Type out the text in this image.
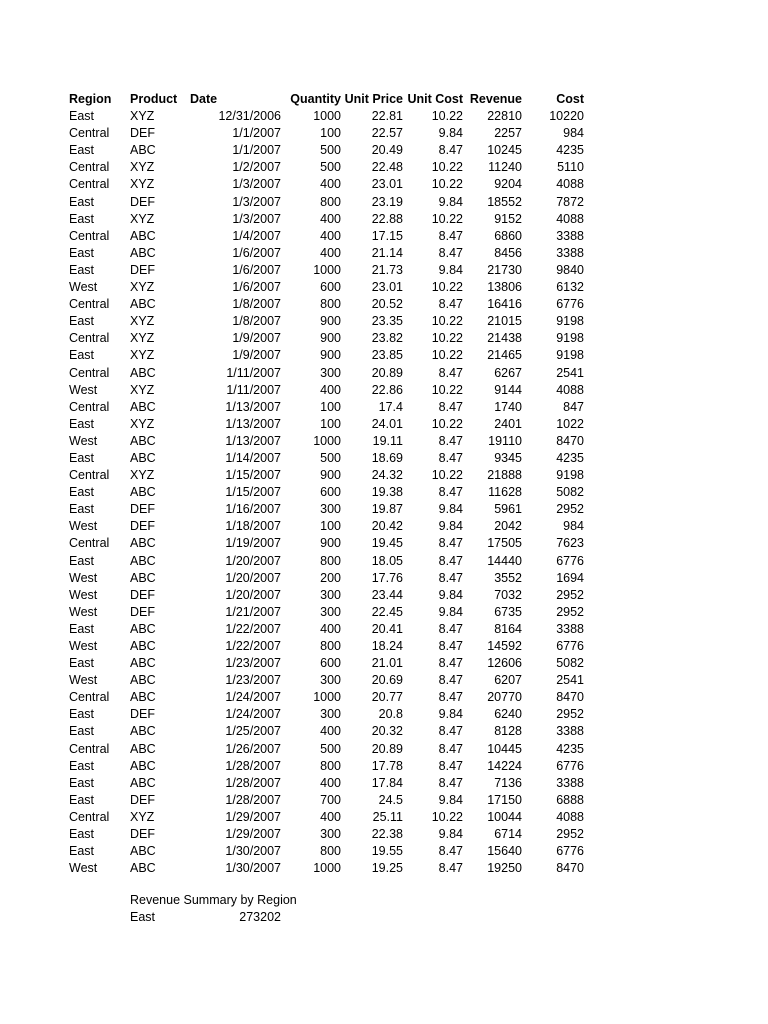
Region Product Date	Quantity Unit Price Unit Cost Revenue	Cost
East	XYZ	12/31/2006	1000 22.81 10.22 22810 10220
Central DEF	1/1/2007	100 22.57	9.84 2257	984
East	ABC	1/1/2007	500 20.49	8.47 10245	4235
Central XYZ	1/2/2007	500 22.48 10.22 11240	5110
Central XYZ	1/3/2007	400 23.01 10.22 9204	4088
East	DEF	1/3/2007	800 23.19	9.84 18552	7872
East	XYZ	1/3/2007	400 22.88 10.22 9152	4088
Central ABC	1/4/2007	400 17.15	8.47 6860	3388
East	ABC	1/6/2007	400 21.14	8.47 8456	3388
East	DEF	1/6/2007	1000 21.73	9.84 21730	9840
West	XYZ	1/6/2007	600 23.01 10.22 13806	6132
Central ABC	1/8/2007	800 20.52	8.47 16416	6776
East	XYZ	1/8/2007	900 23.35 10.22 21015	9198
Central XYZ	1/9/2007	900 23.82 10.22 21438	9198
East	XYZ	1/9/2007	900 23.85 10.22 21465	9198
Central ABC	1/11/2007	300 20.89	8.47 6267	2541
West	XYZ	1/11/2007	400 22.86 10.22 9144	4088
Central ABC	1/13/2007	100	17.4	8.47 1740	847
East	XYZ	1/13/2007	100 24.01 10.22 2401	1022
West	ABC	1/13/2007	1000	19.11	8.47 19110	8470
East	ABC	1/14/2007	500 18.69	8.47 9345	4235
Central XYZ	1/15/2007	900 24.32 10.22 21888	9198
East	ABC	1/15/2007	600 19.38	8.47 11628	5082
East	DEF	1/16/2007	300 19.87	9.84 5961	2952
West	DEF	1/18/2007	100 20.42	9.84 2042	984
Central ABC	1/19/2007	900 19.45	8.47 17505	7623
East	ABC	1/20/2007	800 18.05	8.47 14440	6776
West	ABC	1/20/2007	200 17.76	8.47 3552	1694
West	DEF	1/20/2007	300 23.44	9.84 7032	2952
West	DEF	1/21/2007	300 22.45	9.84 6735	2952
East	ABC	1/22/2007	400 20.41	8.47 8164	3388
West	ABC	1/22/2007	800 18.24	8.47 14592	6776
East	ABC	1/23/2007	600 21.01	8.47 12606	5082
West	ABC	1/23/2007	300 20.69	8.47 6207	2541
Central ABC	1/24/2007	1000 20.77	8.47 20770	8470
East	DEF	1/24/2007	300	20.8	9.84 6240	2952
East	ABC	1/25/2007	400 20.32	8.47 8128	3388
Central ABC	1/26/2007	500 20.89	8.47 10445	4235
East	ABC	1/28/2007	800 17.78	8.47 14224	6776
East	ABC	1/28/2007	400 17.84	8.47 7136	3388
East	DEF	1/28/2007	700	24.5	9.84 17150	6888
Central XYZ	1/29/2007	400	25.11 10.22 10044	4088
East	DEF	1/29/2007	300 22.38	9.84 6714	2952
East	ABC	1/30/2007	800 19.55	8.47 15640	6776
West	ABC	1/30/2007	1000 19.25	8.47 19250	8470
Revenue Summary by Region
East	273202
